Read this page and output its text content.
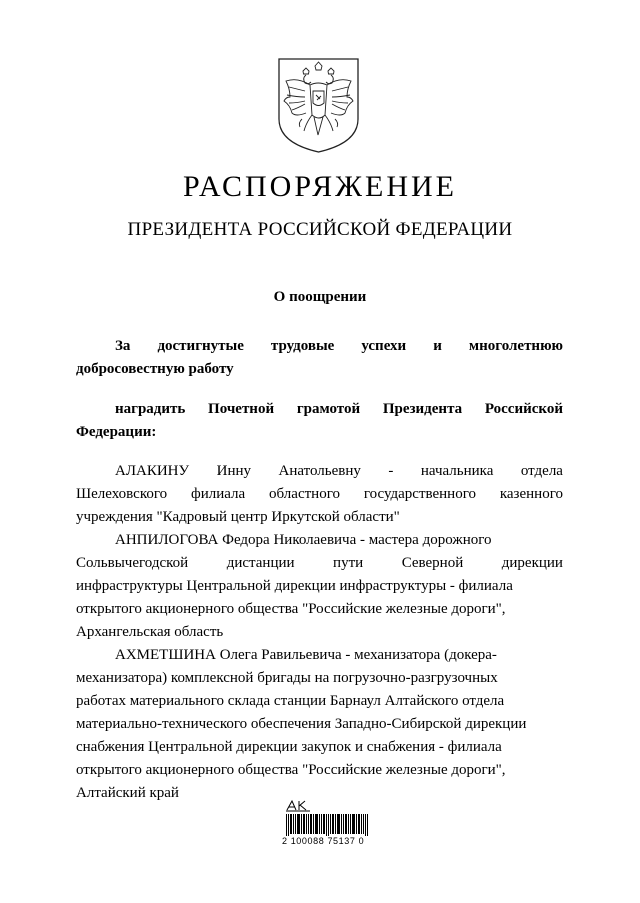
РАСПОРЯЖЕНИЕ
ПРЕЗИДЕНТА РОССИЙСКОЙ ФЕДЕРАЦИИ
О поощрении
За достигнутые трудовые успехи и многолетнюю
добросовестную работу
наградить Почетной грамотой Президента Российской
Федерации:
АЛАКИНУ Инну Анатольевну - начальника отдела
Шелеховского филиала областного государственного казенного
учреждения "Кадровый центр Иркутской области"
АНПИЛОГОВА Федора Николаевича - мастера дорожного
Сольвычегодской	дистанции	пути	Северной	дирекции
инфраструктуры Центральной дирекции инфраструктуры - филиала
открытого акционерного общества "Российские железные дороги",
Архангельская область
АХМЕТШИНА Олега Равильевича - механизатора (докера-
механизатора) комплексной бригады на погрузочно-разгрузочных
работах материального склада станции Барнаул Алтайского отдела
материально-технического обеспечения Западно-Сибирской дирекции
снабжения Центральной дирекции закупок и снабжения - филиала
открытого акционерного общества "Российские железные дороги",
Алтайский край
2 100088 75137 0
